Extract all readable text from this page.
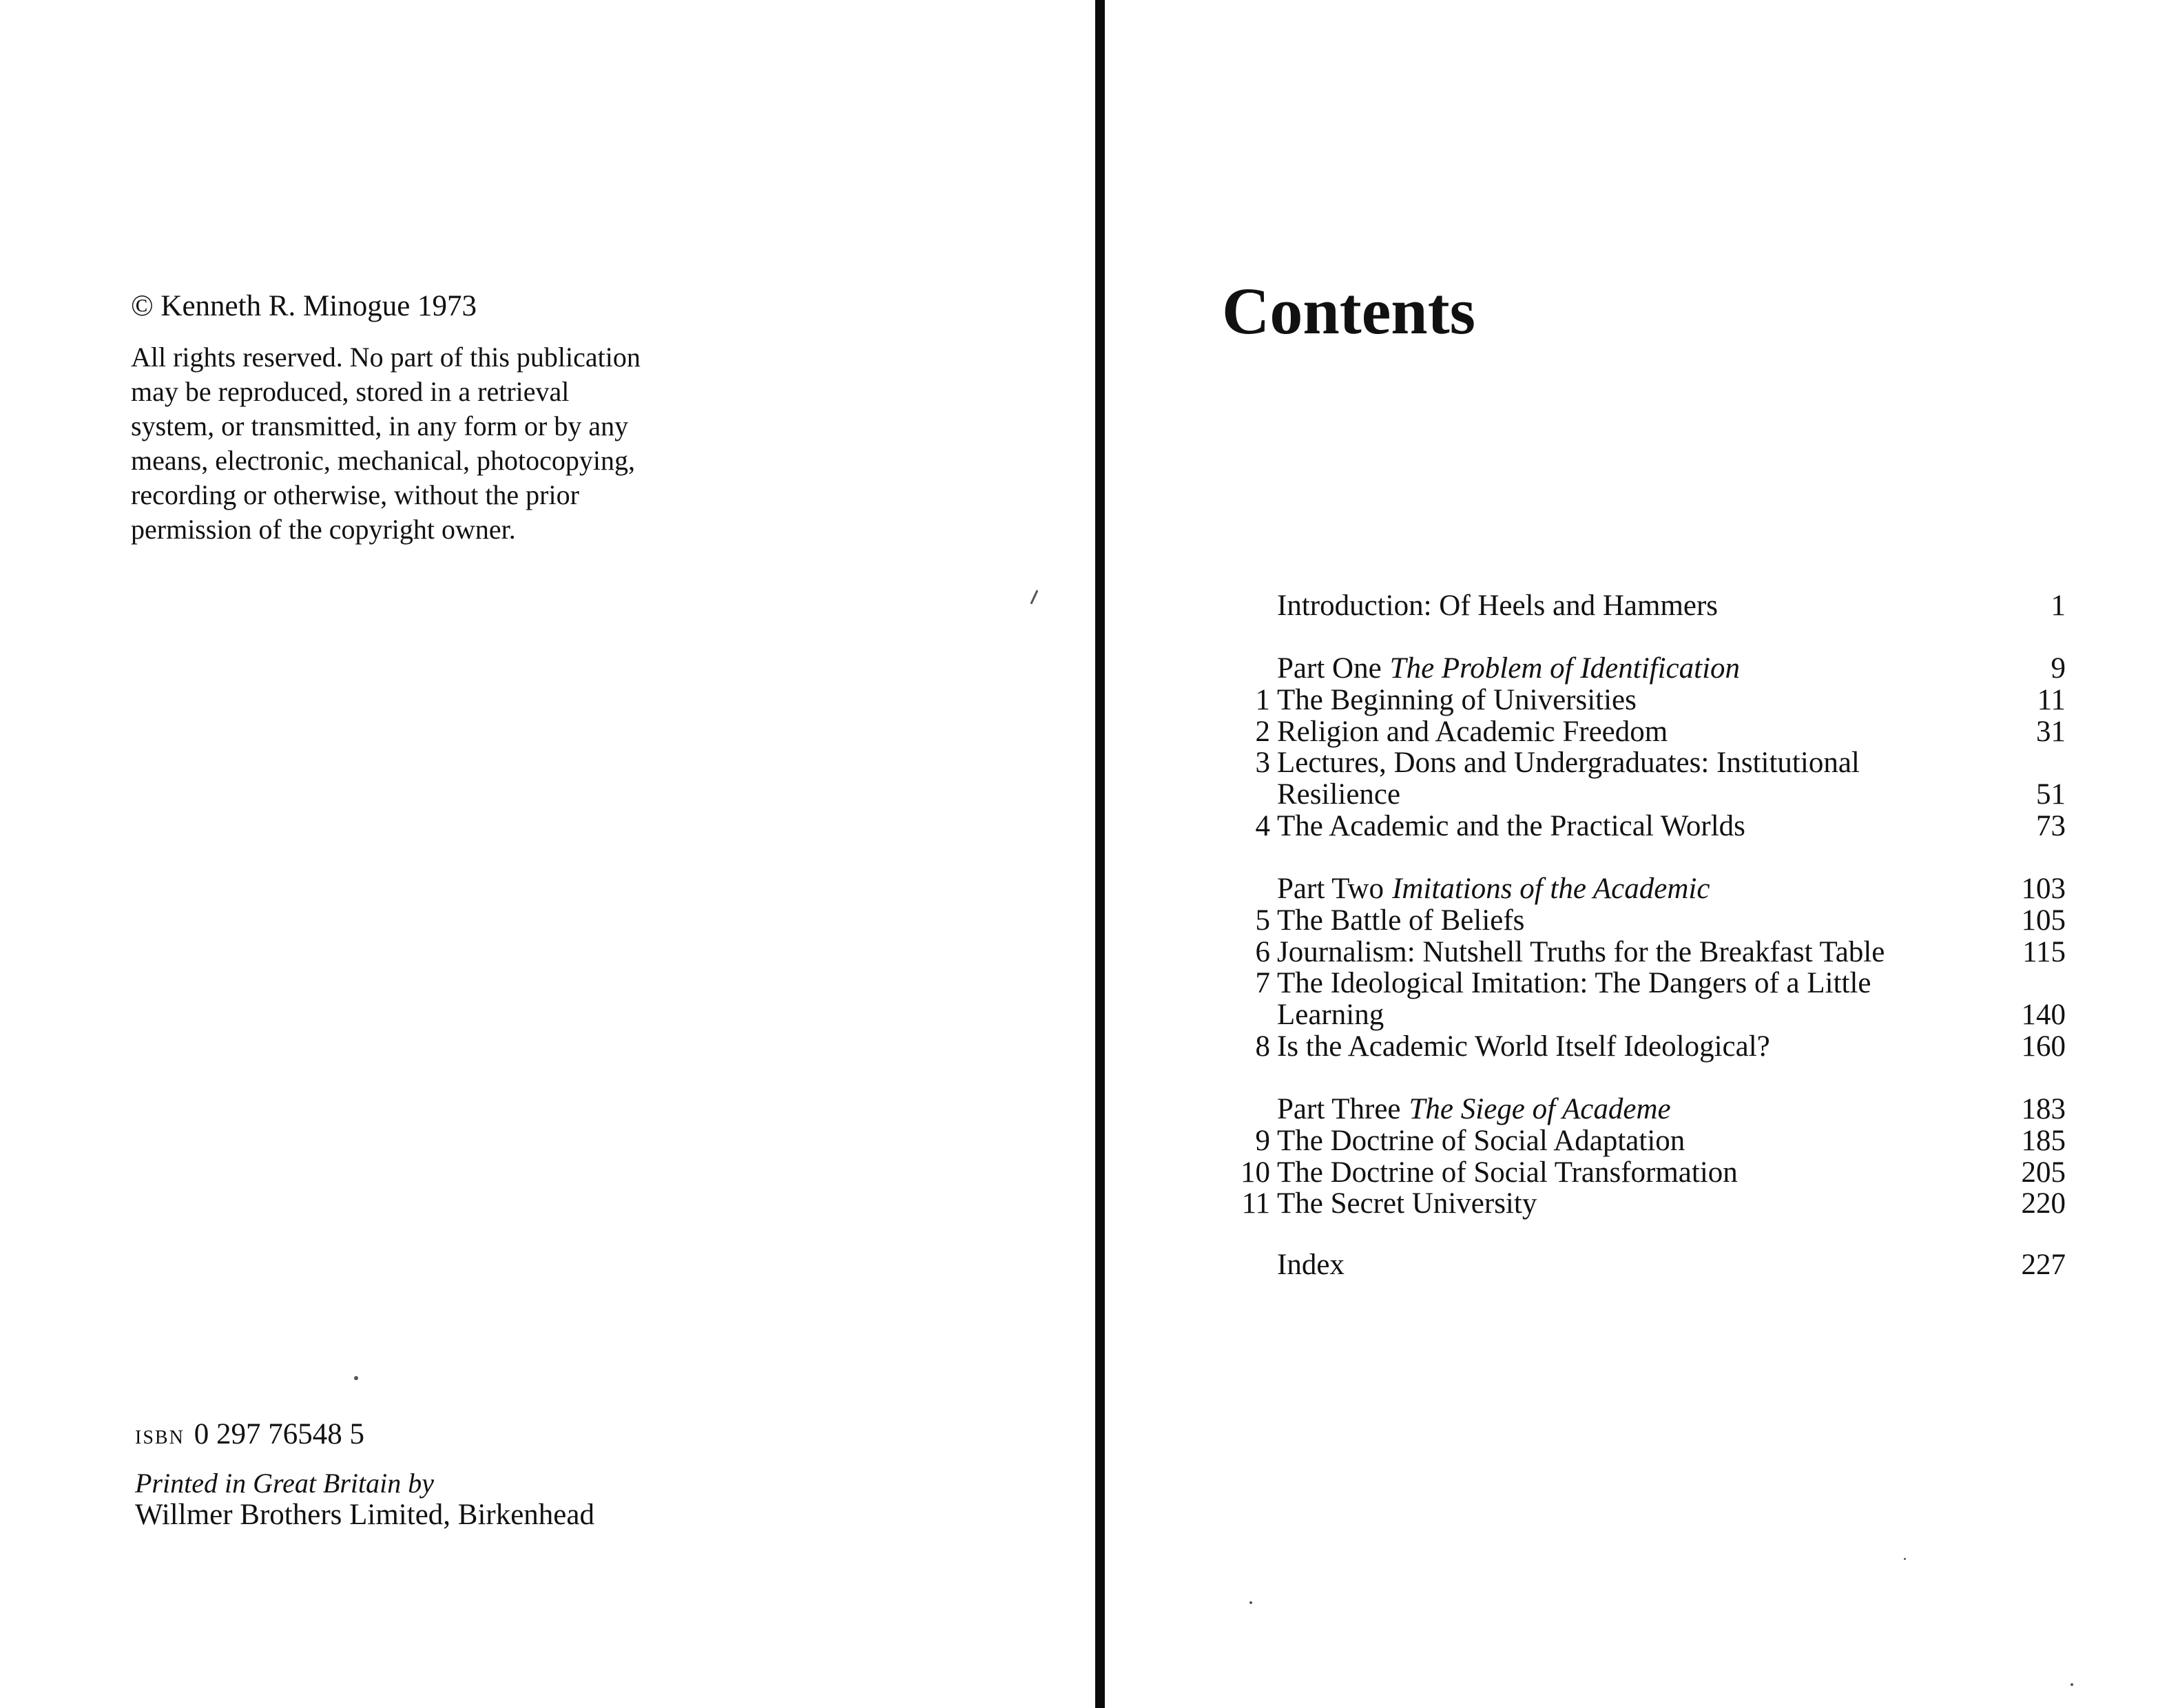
© Kenneth R. Minogue 1973
All rights reserved. No part of this publication
may be reproduced, stored in a retrieval
system, or transmitted, in any form or by any
means, electronic, mechanical, photocopying,
recording or otherwise, without the prior
permission of the copyright owner.
ISBN 0 297 76548 5
Printed in Great Britain by
Willmer Brothers Limited, Birkenhead
Contents
Introduction: Of Heels and Hammers	1
Part One The Problem of Identification	9
1 The Beginning of Universities	11
2 Religion and Academic Freedom	31
3 Lectures, Dons and Undergraduates: Institutional
Resilience	51
4 The Academic and the Practical Worlds	73
Part Two Imitations of the Academic	103
5 The Battle of Beliefs	105
6 Journalism: Nutshell Truths for the Breakfast Table	115
7 The Ideological Imitation: The Dangers of a Little
Learning	140
8 Is the Academic World Itself Ideological?	160
Part Three The Siege of Academe	183
9 The Doctrine of Social Adaptation	185
10 The Doctrine of Social Transformation	205
11 The Secret University	220
Index	227
